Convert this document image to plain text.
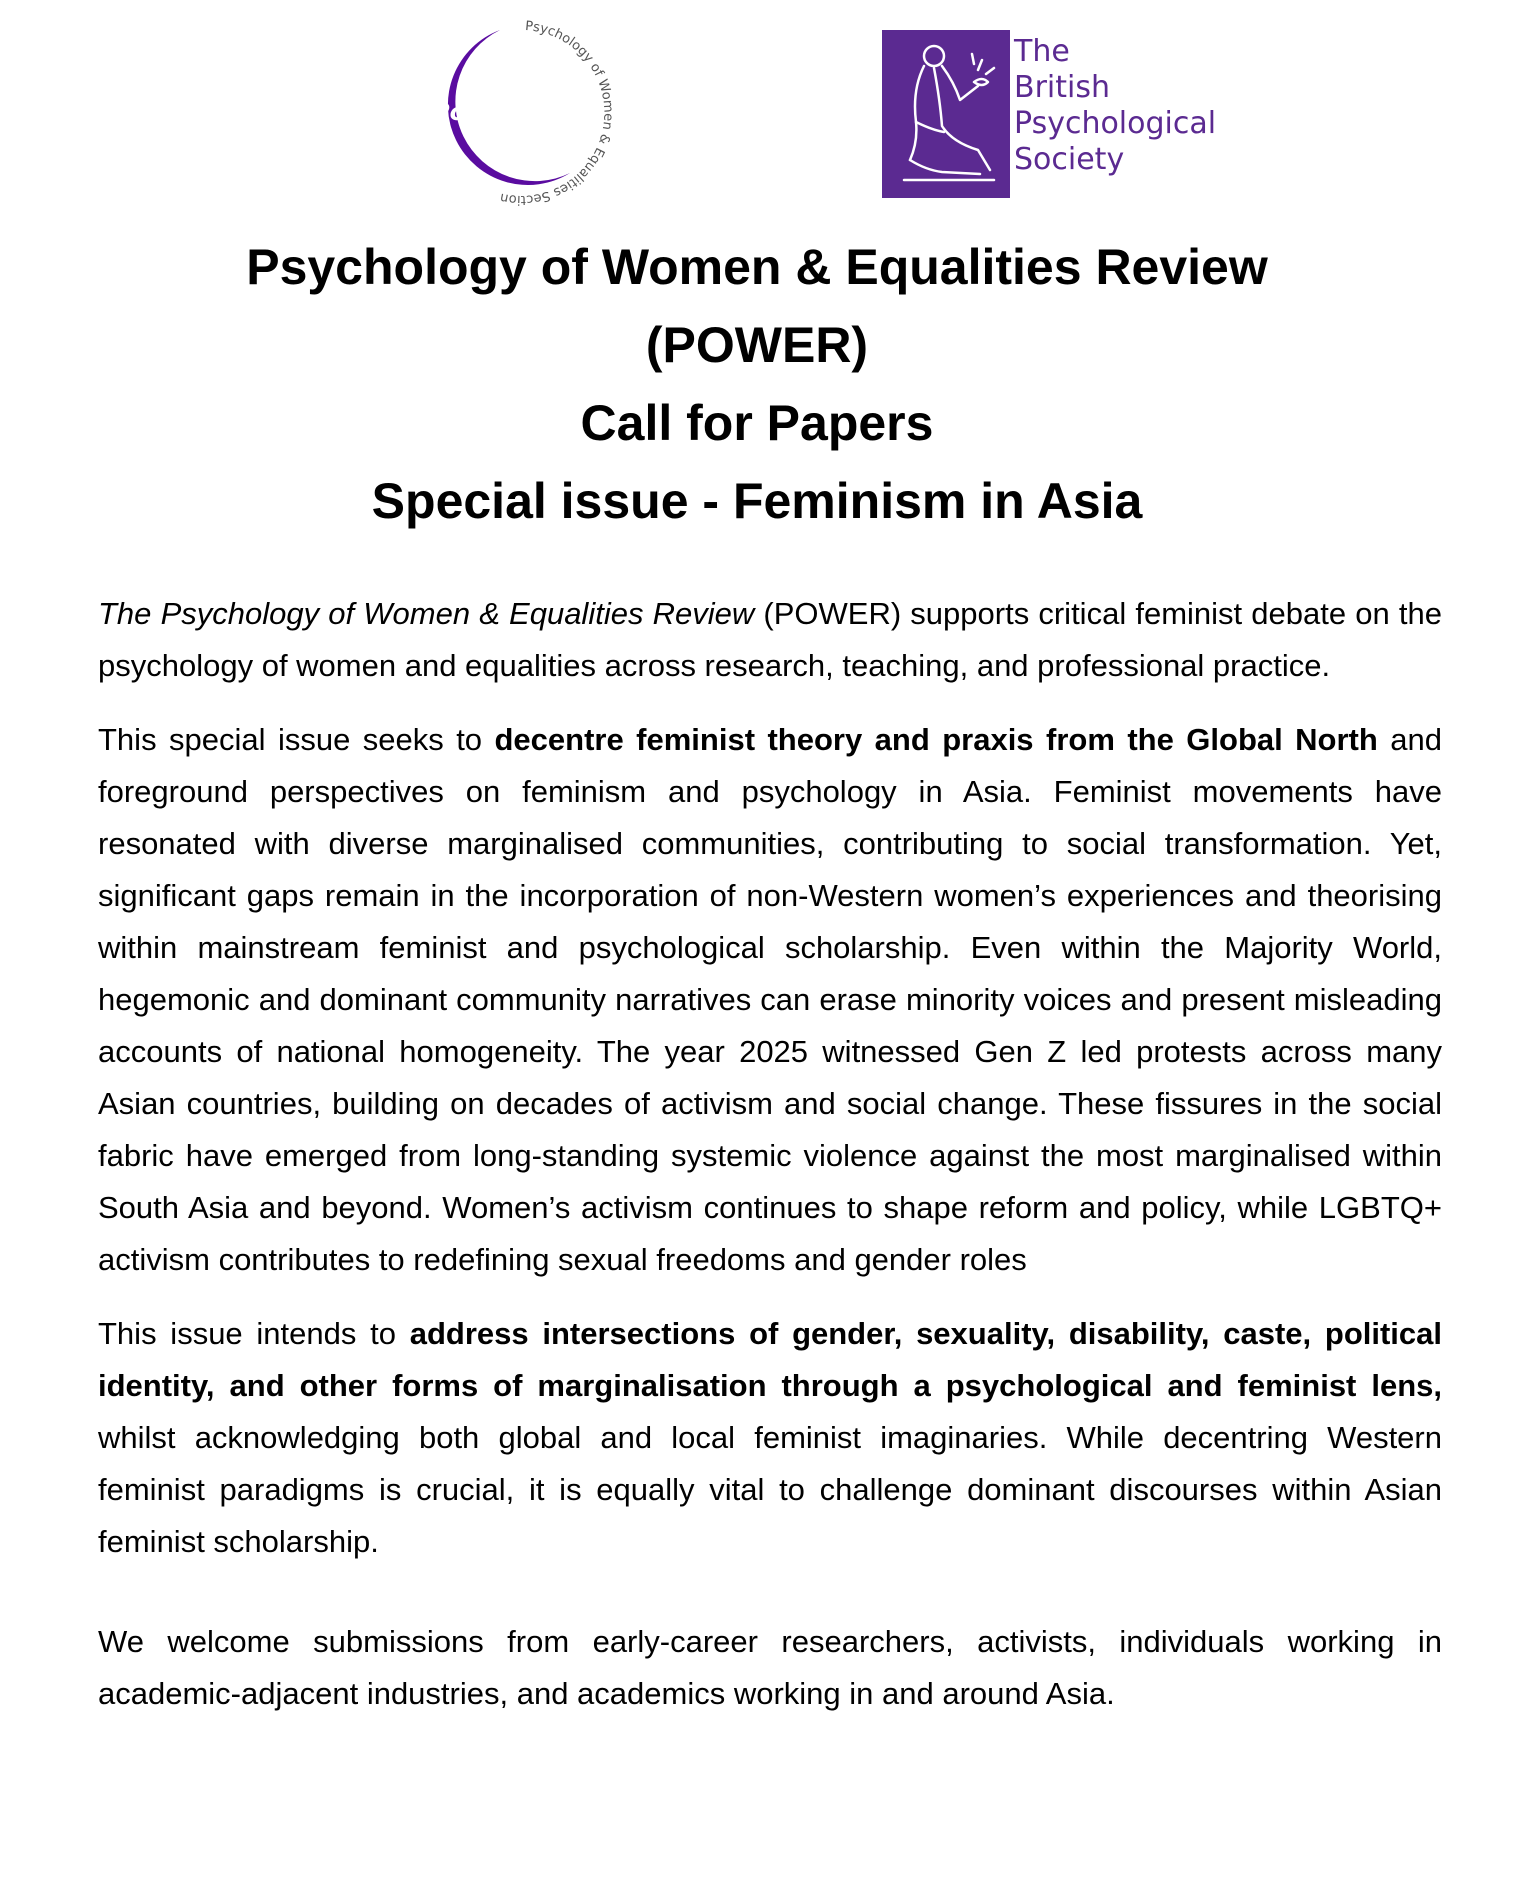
PoWES
Psychology of Women & Equalities Section
The
British
Psychological
Society
Psychology of Women & Equalities Review
(POWER)
Call for Papers
Special issue - Feminism in Asia

The Psychology of Women & Equalities Review (POWER) supports critical feminist debate on the psychology of women and equalities across research, teaching, and professional practice.

This special issue seeks to decentre feminist theory and praxis from the Global North and foreground perspectives on feminism and psychology in Asia. Feminist movements have resonated with diverse marginalised communities, contributing to social transformation. Yet, significant gaps remain in the incorporation of non-Western women’s experiences and theorising within mainstream feminist and psychological scholarship. Even within the Majority World, hegemonic and dominant community narratives can erase minority voices and present misleading accounts of national homogeneity. The year 2025 witnessed Gen Z led protests across many Asian countries, building on decades of activism and social change. These fissures in the social fabric have emerged from long-standing systemic violence against the most marginalised within South Asia and beyond. Women’s activism continues to shape reform and policy, while LGBTQ+ activism contributes to redefining sexual freedoms and gender roles

This issue intends to address intersections of gender, sexuality, disability, caste, political identity, and other forms of marginalisation through a psychological and feminist lens, whilst acknowledging both global and local feminist imaginaries. While decentring Western feminist paradigms is crucial, it is equally vital to challenge dominant discourses within Asian feminist scholarship.

We welcome submissions from early-career researchers, activists, individuals working in academic-adjacent industries, and academics working in and around Asia.
